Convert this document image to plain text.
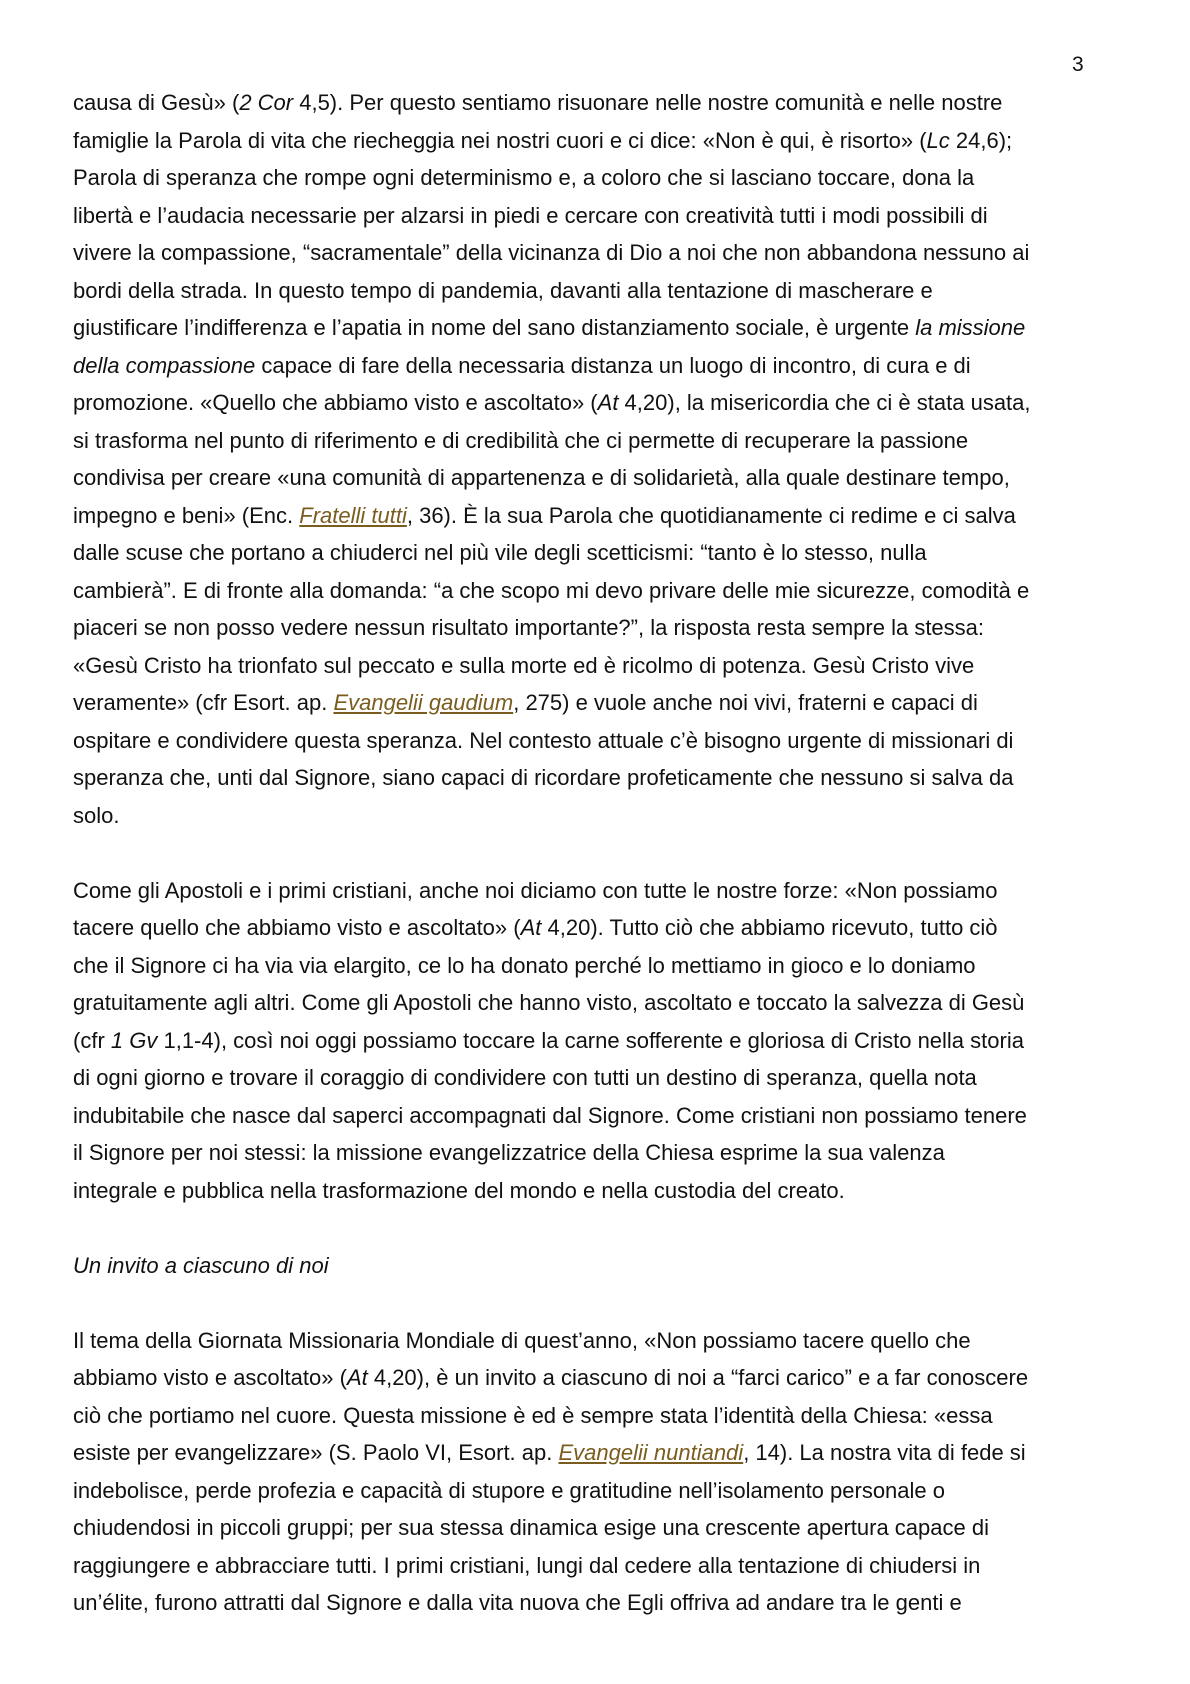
3
causa di Gesù» (2 Cor 4,5). Per questo sentiamo risuonare nelle nostre comunità e nelle nostre
famiglie la Parola di vita che riecheggia nei nostri cuori e ci dice: «Non è qui, è risorto» (Lc 24,6);
Parola di speranza che rompe ogni determinismo e, a coloro che si lasciano toccare, dona la
libertà e l’audacia necessarie per alzarsi in piedi e cercare con creatività tutti i modi possibili di
vivere la compassione, “sacramentale” della vicinanza di Dio a noi che non abbandona nessuno ai
bordi della strada. In questo tempo di pandemia, davanti alla tentazione di mascherare e
giustificare l’indifferenza e l’apatia in nome del sano distanziamento sociale, è urgente la missione
della compassione capace di fare della necessaria distanza un luogo di incontro, di cura e di
promozione. «Quello che abbiamo visto e ascoltato» (At 4,20), la misericordia che ci è stata usata,
si trasforma nel punto di riferimento e di credibilità che ci permette di recuperare la passione
condivisa per creare «una comunità di appartenenza e di solidarietà, alla quale destinare tempo,
impegno e beni» (Enc. Fratelli tutti, 36). È la sua Parola che quotidianamente ci redime e ci salva
dalle scuse che portano a chiuderci nel più vile degli scetticismi: “tanto è lo stesso, nulla
cambierà”. E di fronte alla domanda: “a che scopo mi devo privare delle mie sicurezze, comodità e
piaceri se non posso vedere nessun risultato importante?”, la risposta resta sempre la stessa:
«Gesù Cristo ha trionfato sul peccato e sulla morte ed è ricolmo di potenza. Gesù Cristo vive
veramente» (cfr Esort. ap. Evangelii gaudium, 275) e vuole anche noi vivi, fraterni e capaci di
ospitare e condividere questa speranza. Nel contesto attuale c’è bisogno urgente di missionari di
speranza che, unti dal Signore, siano capaci di ricordare profeticamente che nessuno si salva da
solo.
Come gli Apostoli e i primi cristiani, anche noi diciamo con tutte le nostre forze: «Non possiamo
tacere quello che abbiamo visto e ascoltato» (At 4,20). Tutto ciò che abbiamo ricevuto, tutto ciò
che il Signore ci ha via via elargito, ce lo ha donato perché lo mettiamo in gioco e lo doniamo
gratuitamente agli altri. Come gli Apostoli che hanno visto, ascoltato e toccato la salvezza di Gesù
(cfr 1 Gv 1,1-4), così noi oggi possiamo toccare la carne sofferente e gloriosa di Cristo nella storia
di ogni giorno e trovare il coraggio di condividere con tutti un destino di speranza, quella nota
indubitabile che nasce dal saperci accompagnati dal Signore. Come cristiani non possiamo tenere
il Signore per noi stessi: la missione evangelizzatrice della Chiesa esprime la sua valenza
integrale e pubblica nella trasformazione del mondo e nella custodia del creato.
Un invito a ciascuno di noi
Il tema della Giornata Missionaria Mondiale di quest’anno, «Non possiamo tacere quello che
abbiamo visto e ascoltato» (At 4,20), è un invito a ciascuno di noi a “farci carico” e a far conoscere
ciò che portiamo nel cuore. Questa missione è ed è sempre stata l’identità della Chiesa: «essa
esiste per evangelizzare» (S. Paolo VI, Esort. ap. Evangelii nuntiandi, 14). La nostra vita di fede si
indebolisce, perde profezia e capacità di stupore e gratitudine nell’isolamento personale o
chiudendosi in piccoli gruppi; per sua stessa dinamica esige una crescente apertura capace di
raggiungere e abbracciare tutti. I primi cristiani, lungi dal cedere alla tentazione di chiudersi in
un’élite, furono attratti dal Signore e dalla vita nuova che Egli offriva ad andare tra le genti e
